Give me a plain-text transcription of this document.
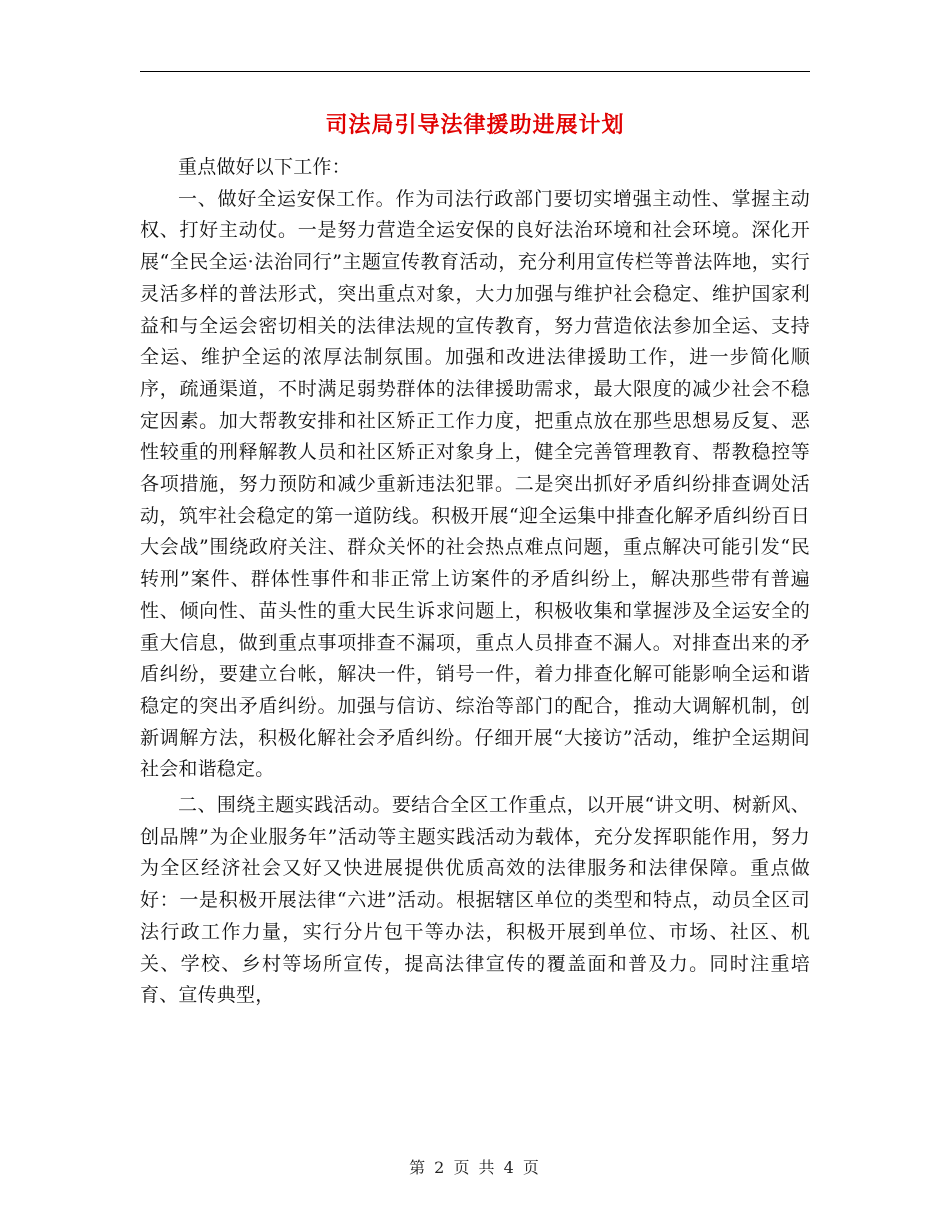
司法局引导法律援助进展计划

重点做好以下工作：

一、做好全运安保工作。作为司法行政部门要切实增强主动性、掌握主动权、打好主动仗。一是努力营造全运安保的良好法治环境和社会环境。深化开展“全民全运·法治同行”主题宣传教育活动，充分利用宣传栏等普法阵地，实行灵活多样的普法形式，突出重点对象，大力加强与维护社会稳定、维护国家利益和与全运会密切相关的法律法规的宣传教育，努力营造依法参加全运、支持全运、维护全运的浓厚法制氛围。加强和改进法律援助工作，进一步简化顺序，疏通渠道，不时满足弱势群体的法律援助需求，最大限度的减少社会不稳定因素。加大帮教安排和社区矫正工作力度，把重点放在那些思想易反复、恶性较重的刑释解教人员和社区矫正对象身上，健全完善管理教育、帮教稳控等各项措施，努力预防和减少重新违法犯罪。二是突出抓好矛盾纠纷排查调处活动，筑牢社会稳定的第一道防线。积极开展“迎全运集中排查化解矛盾纠纷百日大会战”围绕政府关注、群众关怀的社会热点难点问题，重点解决可能引发“民转刑”案件、群体性事件和非正常上访案件的矛盾纠纷上，解决那些带有普遍性、倾向性、苗头性的重大民生诉求问题上，积极收集和掌握涉及全运安全的重大信息，做到重点事项排查不漏项，重点人员排查不漏人。对排查出来的矛盾纠纷，要建立台帐，解决一件，销号一件，着力排查化解可能影响全运和谐稳定的突出矛盾纠纷。加强与信访、综治等部门的配合，推动大调解机制，创新调解方法，积极化解社会矛盾纠纷。仔细开展“大接访”活动，维护全运期间社会和谐稳定。

二、围绕主题实践活动。要结合全区工作重点，以开展“讲文明、树新风、创品牌”为企业服务年”活动等主题实践活动为载体，充分发挥职能作用，努力为全区经济社会又好又快进展提供优质高效的法律服务和法律保障。重点做好：一是积极开展法律“六进”活动。根据辖区单位的类型和特点，动员全区司法行政工作力量，实行分片包干等办法，积极开展到单位、市场、社区、机关、学校、乡村等场所宣传，提高法律宣传的覆盖面和普及力。同时注重培育、宣传典型，

第 2 页 共 4 页
